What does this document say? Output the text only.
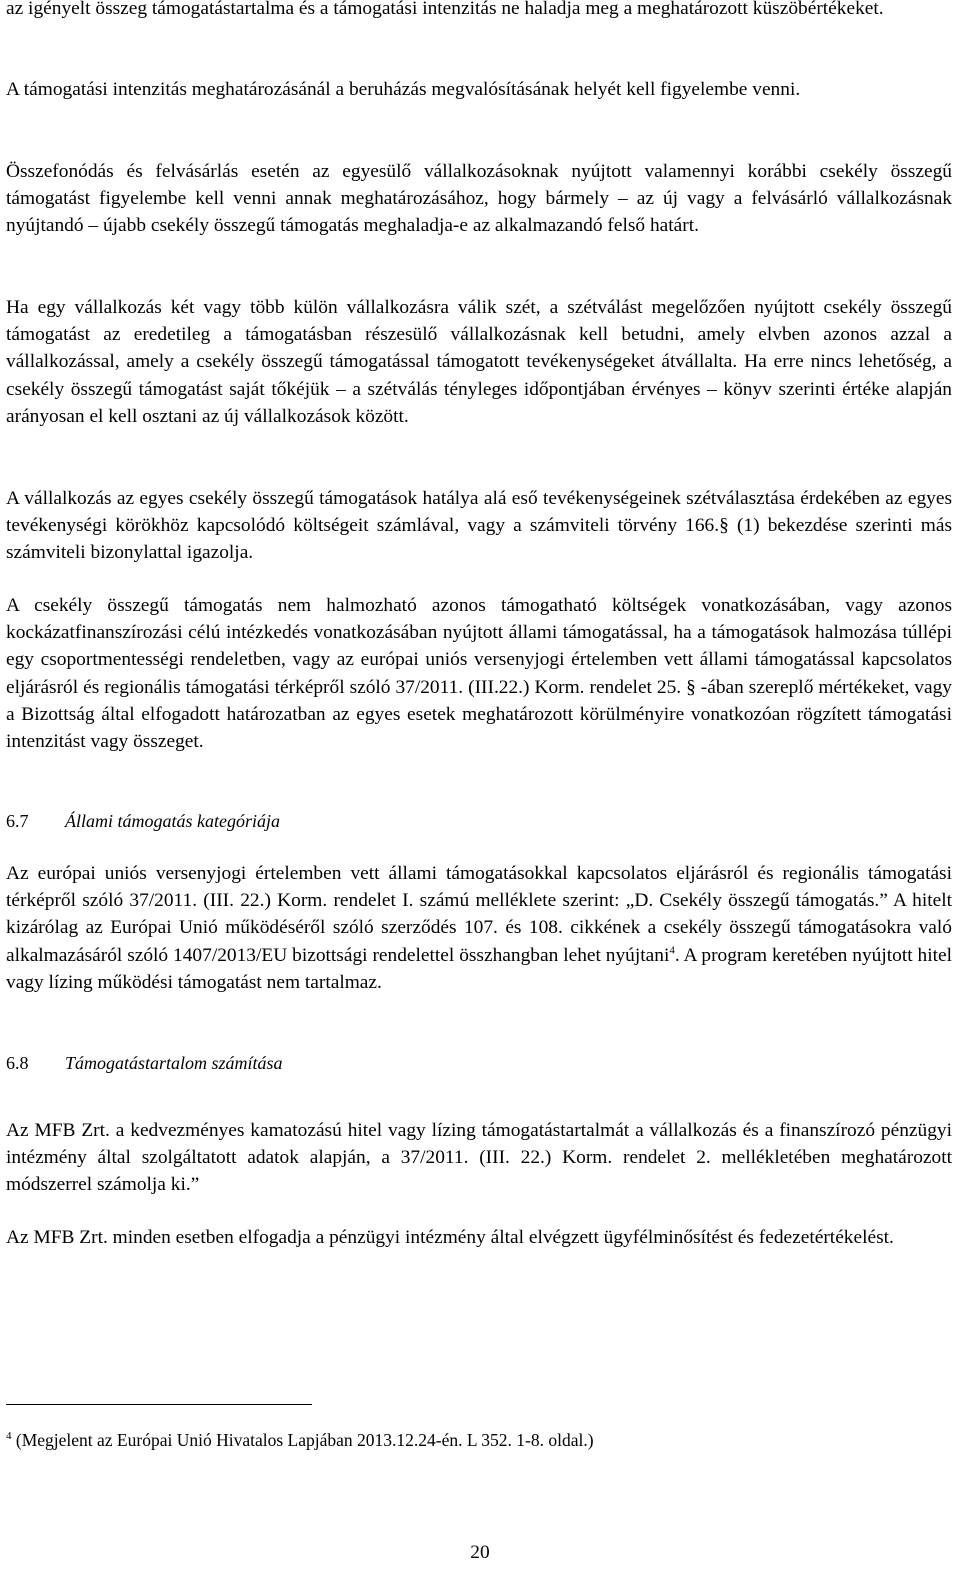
az igényelt összeg támogatástartalma és a támogatási intenzitás ne haladja meg a meghatározott küszöbértékeket.

A támogatási intenzitás meghatározásánál a beruházás megvalósításának helyét kell figyelembe venni.

Összefonódás és felvásárlás esetén az egyesülő vállalkozásoknak nyújtott valamennyi korábbi csekély összegű támogatást figyelembe kell venni annak meghatározásához, hogy bármely – az új vagy a felvásárló vállalkozásnak nyújtandó – újabb csekély összegű támogatás meghaladja-e az alkalmazandó felső határt.

Ha egy vállalkozás két vagy több külön vállalkozásra válik szét, a szétválást megelőzően nyújtott csekély összegű támogatást az eredetileg a támogatásban részesülő vállalkozásnak kell betudni, amely elvben azonos azzal a vállalkozással, amely a csekély összegű támogatással támogatott tevékenységeket átvállalta. Ha erre nincs lehetőség, a csekély összegű támogatást saját tőkéjük – a szétválás tényleges időpontjában érvényes – könyv szerinti értéke alapján arányosan el kell osztani az új vállalkozások között.

A vállalkozás az egyes csekély összegű támogatások hatálya alá eső tevékenységeinek szétválasztása érdekében az egyes tevékenységi körökhöz kapcsolódó költségeit számlával, vagy a számviteli törvény 166.§ (1) bekezdése szerinti más számviteli bizonylattal igazolja.

A csekély összegű támogatás nem halmozható azonos támogatható költségek vonatkozásában, vagy azonos kockázatfinanszírozási célú intézkedés vonatkozásában nyújtott állami támogatással, ha a támogatások halmozása túllépi egy csoportmentességi rendeletben, vagy az európai uniós versenyjogi értelemben vett állami támogatással kapcsolatos eljárásról és regionális támogatási térképről szóló 37/2011. (III.22.) Korm. rendelet 25. § -ában szereplő mértékeket, vagy a Bizottság által elfogadott határozatban az egyes esetek meghatározott körülményire vonatkozóan rögzített támogatási intenzitást vagy összeget.

6.7 Állami támogatás kategóriája

Az európai uniós versenyjogi értelemben vett állami támogatásokkal kapcsolatos eljárásról és regionális támogatási térképről szóló 37/2011. (III. 22.) Korm. rendelet I. számú melléklete szerint: „D. Csekély összegű támogatás.” A hitelt kizárólag az Európai Unió működéséről szóló szerződés 107. és 108. cikkének a csekély összegű támogatásokra való alkalmazásáról szóló 1407/2013/EU bizottsági rendelettel összhangban lehet nyújtani$^4$. A program keretében nyújtott hitel vagy lízing működési támogatást nem tartalmaz.

6.8 Támogatástartalom számítása

Az MFB Zrt. a kedvezményes kamatozású hitel vagy lízing támogatástartalmát a vállalkozás és a finanszírozó pénzügyi intézmény által szolgáltatott adatok alapján, a 37/2011. (III. 22.) Korm. rendelet 2. mellékletében meghatározott módszerrel számolja ki.”

Az MFB Zrt. minden esetben elfogadja a pénzügyi intézmény által elvégzett ügyfélminősítést és fedezetértékelést.

$^4$ (Megjelent az Európai Unió Hivatalos Lapjában 2013.12.24-én. L 352. 1-8. oldal.)

20
